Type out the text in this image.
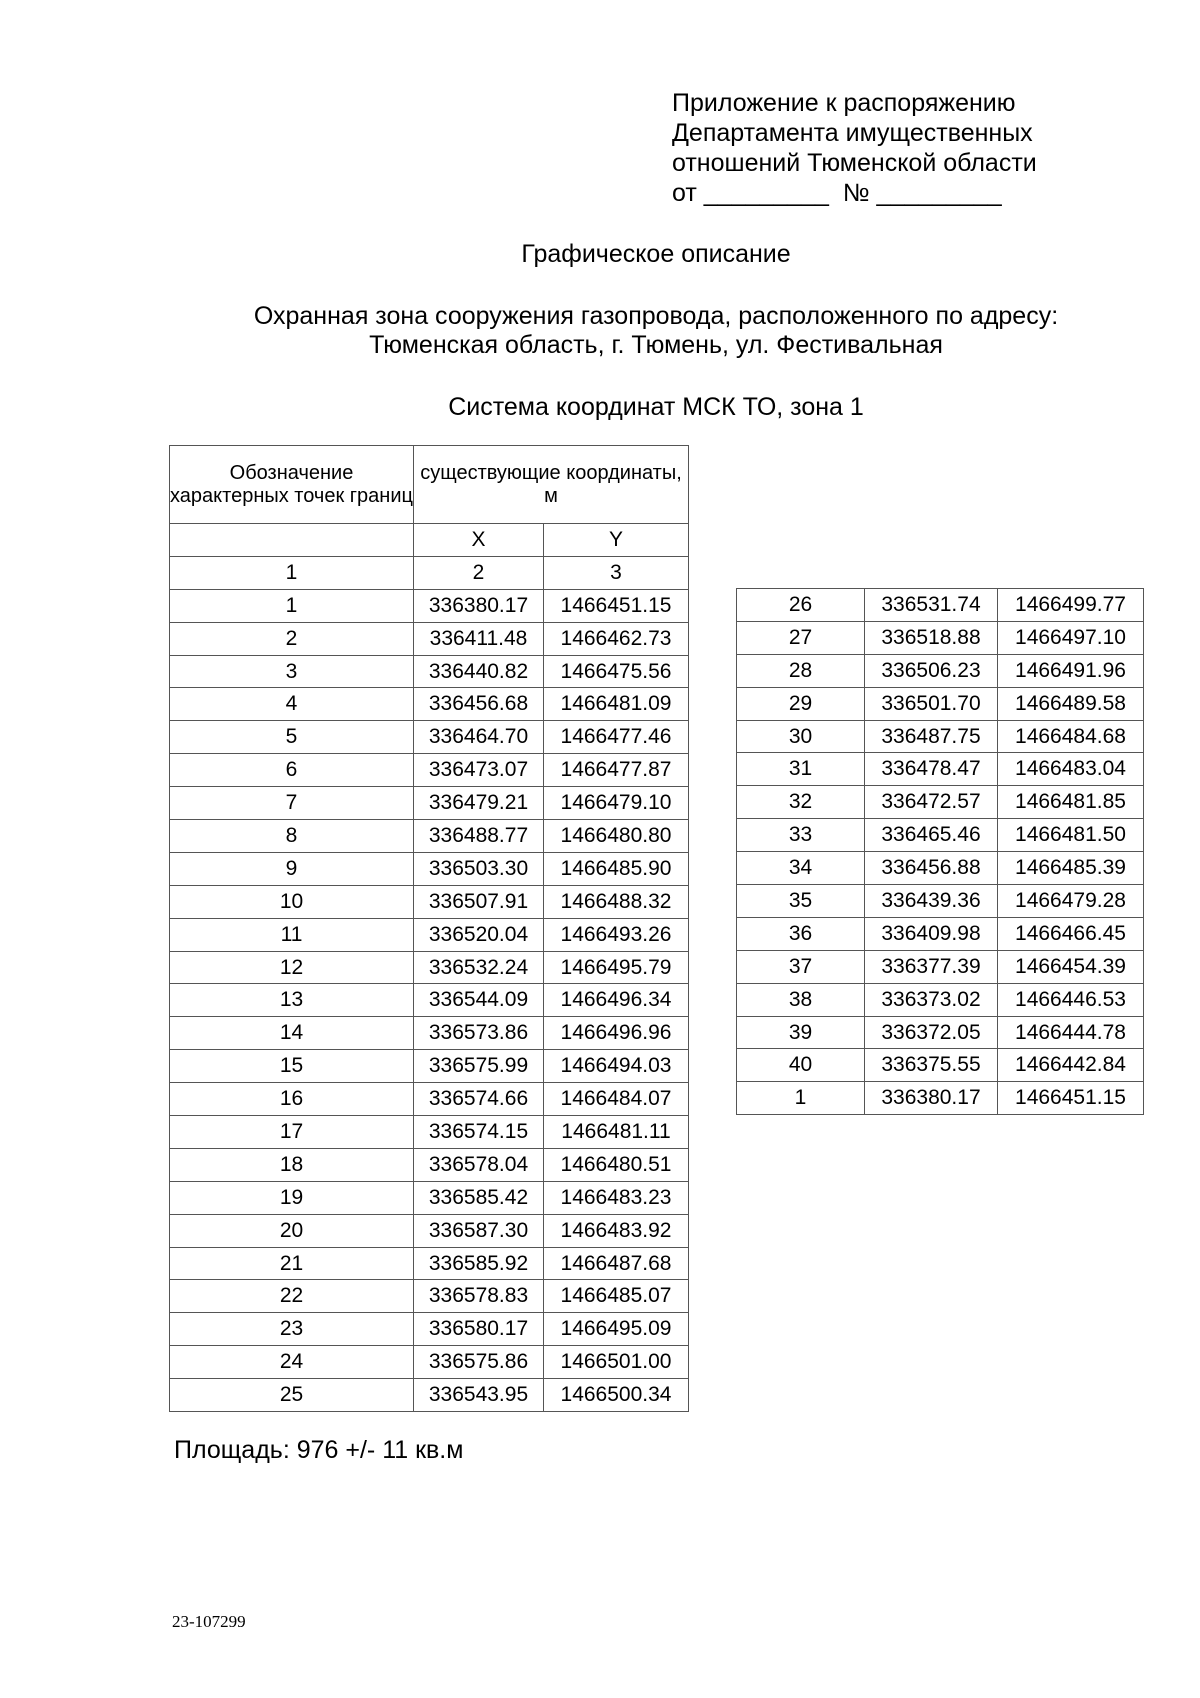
Приложение к распоряжению
Департамента имущественных
отношений Тюменской области
от _________  № _________
Графическое описание
Охранная зона сооружения газопровода, расположенного по адресу:
Тюменская область, г. Тюмень, ул. Фестивальная
Система координат МСК ТО, зона 1
Обозначение характерных точек границ	существующие координаты, м	
	X	Y
1	2	3
1	336380.17	1466451.15
2	336411.48	1466462.73
3	336440.82	1466475.56
4	336456.68	1466481.09
5	336464.70	1466477.46
6	336473.07	1466477.87
7	336479.21	1466479.10
8	336488.77	1466480.80
9	336503.30	1466485.90
10	336507.91	1466488.32
11	336520.04	1466493.26
12	336532.24	1466495.79
13	336544.09	1466496.34
14	336573.86	1466496.96
15	336575.99	1466494.03
16	336574.66	1466484.07
17	336574.15	1466481.11
18	336578.04	1466480.51
19	336585.42	1466483.23
20	336587.30	1466483.92
21	336585.92	1466487.68
22	336578.83	1466485.07
23	336580.17	1466495.09
24	336575.86	1466501.00
25	336543.95	1466500.34
26	336531.74	1466499.77
27	336518.88	1466497.10
28	336506.23	1466491.96
29	336501.70	1466489.58
30	336487.75	1466484.68
31	336478.47	1466483.04
32	336472.57	1466481.85
33	336465.46	1466481.50
34	336456.88	1466485.39
35	336439.36	1466479.28
36	336409.98	1466466.45
37	336377.39	1466454.39
38	336373.02	1466446.53
39	336372.05	1466444.78
40	336375.55	1466442.84
1	336380.17	1466451.15
Площадь: 976 +/- 11 кв.м
23-107299
